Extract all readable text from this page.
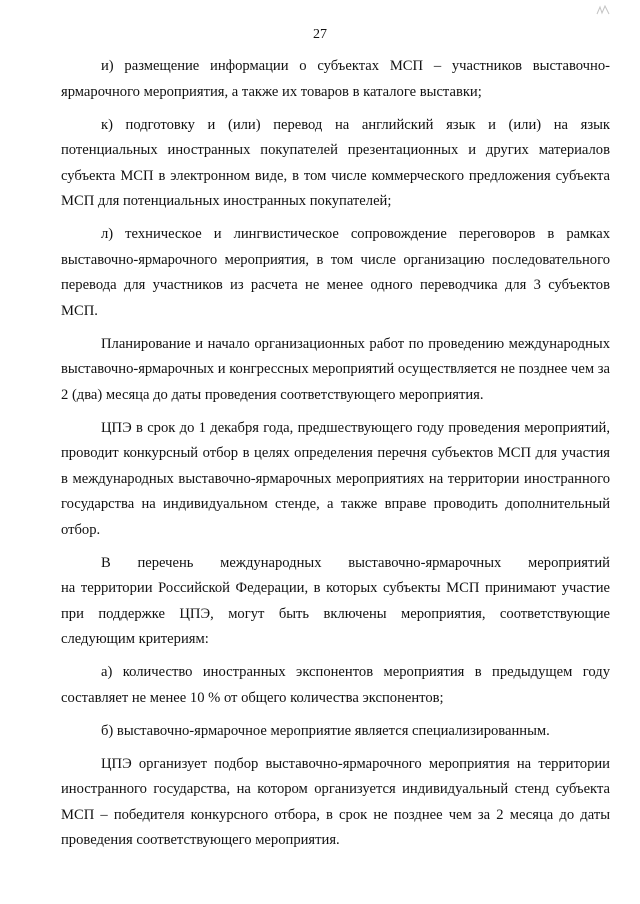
27

и) размещение информации о субъектах МСП – участников выставочно-ярмарочного мероприятия, а также их товаров в каталоге выставки;

к) подготовку и (или) перевод на английский язык и (или) на язык потенциальных иностранных покупателей презентационных и других материалов субъекта МСП в электронном виде, в том числе коммерческого предложения субъекта МСП для потенциальных иностранных покупателей;

л) техническое и лингвистическое сопровождение переговоров в рамках выставочно-ярмарочного мероприятия, в том числе организацию последовательного перевода для участников из расчета не менее одного переводчика для 3 субъектов МСП.

Планирование и начало организационных работ по проведению международных выставочно-ярмарочных и конгрессных мероприятий осуществляется не позднее чем за 2 (два) месяца до даты проведения соответствующего мероприятия.

ЦПЭ в срок до 1 декабря года, предшествующего году проведения мероприятий, проводит конкурсный отбор в целях определения перечня субъектов МСП для участия в международных выставочно-ярмарочных мероприятиях на территории иностранного государства на индивидуальном стенде, а также вправе проводить дополнительный отбор.

В перечень международных выставочно-ярмарочных мероприятий

на территории Российской Федерации, в которых субъекты МСП принимают участие при поддержке ЦПЭ, могут быть включены мероприятия, соответствующие следующим критериям:

а) количество иностранных экспонентов мероприятия в предыдущем году составляет не менее 10 % от общего количества экспонентов;

б) выставочно-ярмарочное мероприятие является специализированным.

ЦПЭ организует подбор выставочно-ярмарочного мероприятия на территории иностранного государства, на котором организуется индивидуальный стенд субъекта МСП – победителя конкурсного отбора, в срок не позднее чем за 2 месяца до даты проведения соответствующего мероприятия.
